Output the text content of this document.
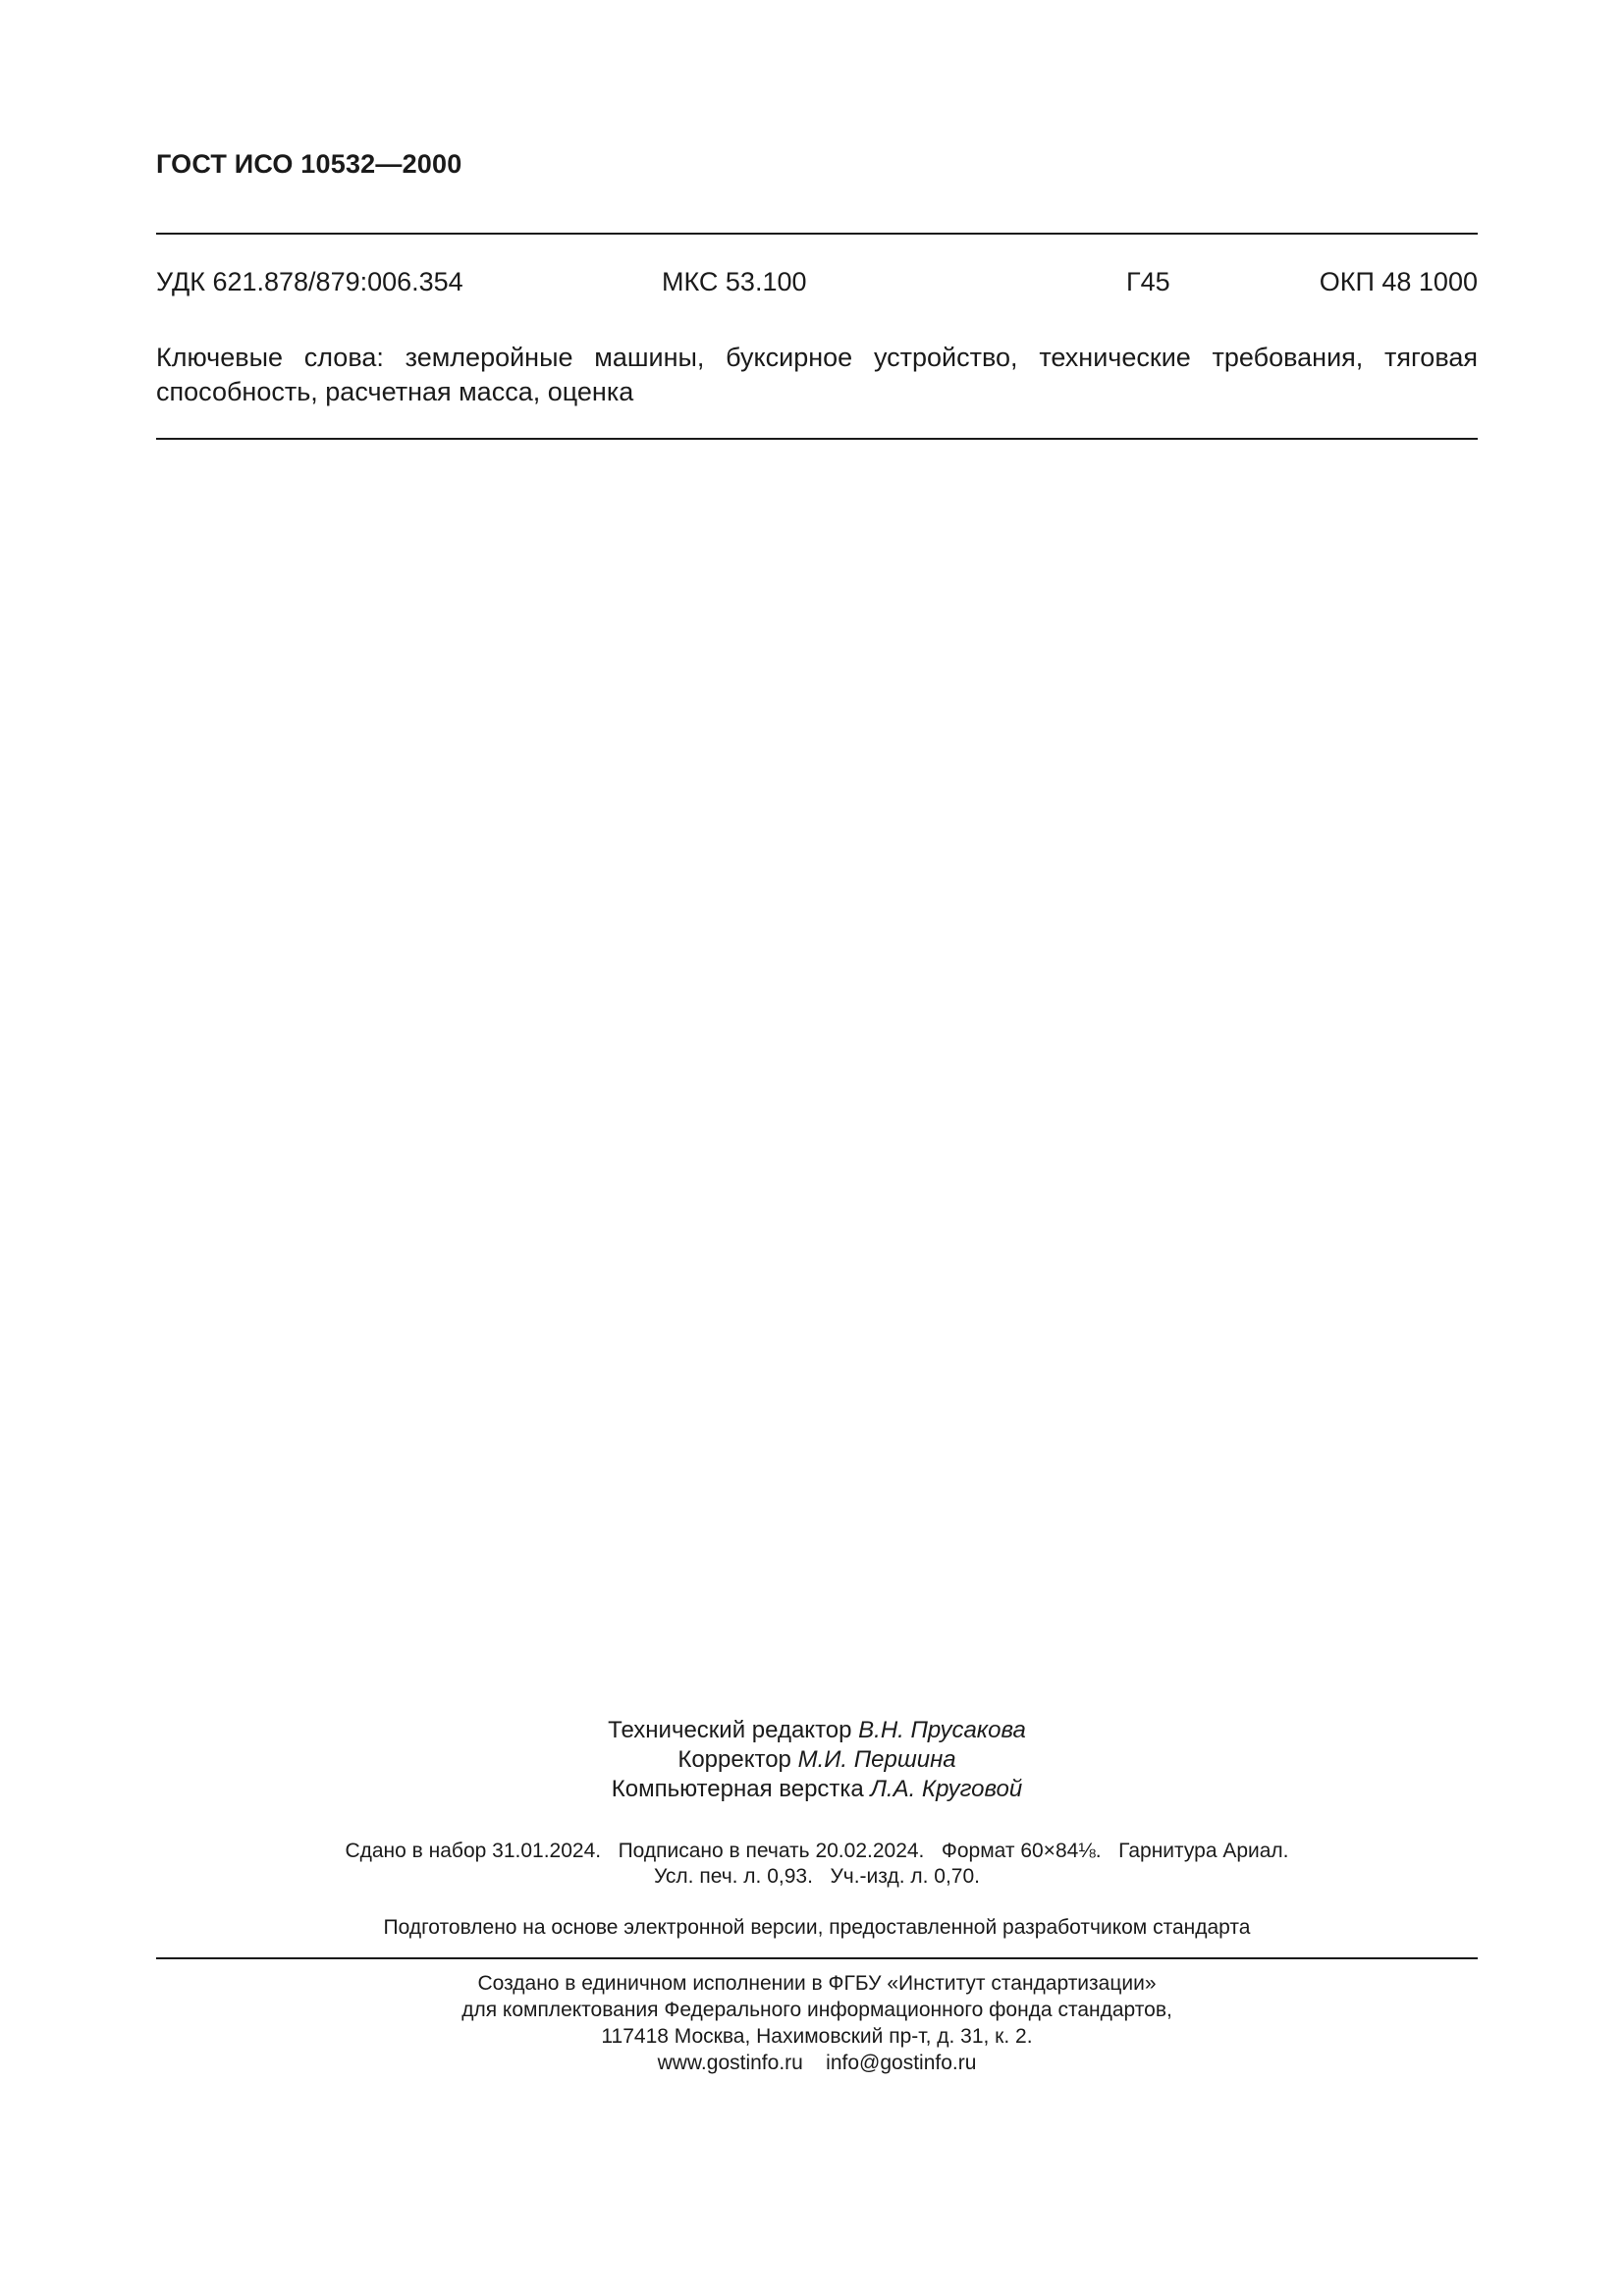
ГОСТ ИСО 10532—2000
УДК 621.878/879:006.354	МКС 53.100	Г45	ОКП 48 1000
Ключевые слова: землеройные машины, буксирное устройство, технические требования, тяговая способность, расчетная масса, оценка
Технический редактор В.Н. Прусакова
Корректор М.И. Першина
Компьютерная верстка Л.А. Круговой
Сдано в набор 31.01.2024.   Подписано в печать 20.02.2024.   Формат 60×84⅛.   Гарнитура Ариал.
Усл. печ. л. 0,93.   Уч.-изд. л. 0,70.
Подготовлено на основе электронной версии, предоставленной разработчиком стандарта
Создано в единичном исполнении в ФГБУ «Институт стандартизации»
для комплектования Федерального информационного фонда стандартов,
117418 Москва, Нахимовский пр-т, д. 31, к. 2.
www.gostinfo.ru    info@gostinfo.ru
